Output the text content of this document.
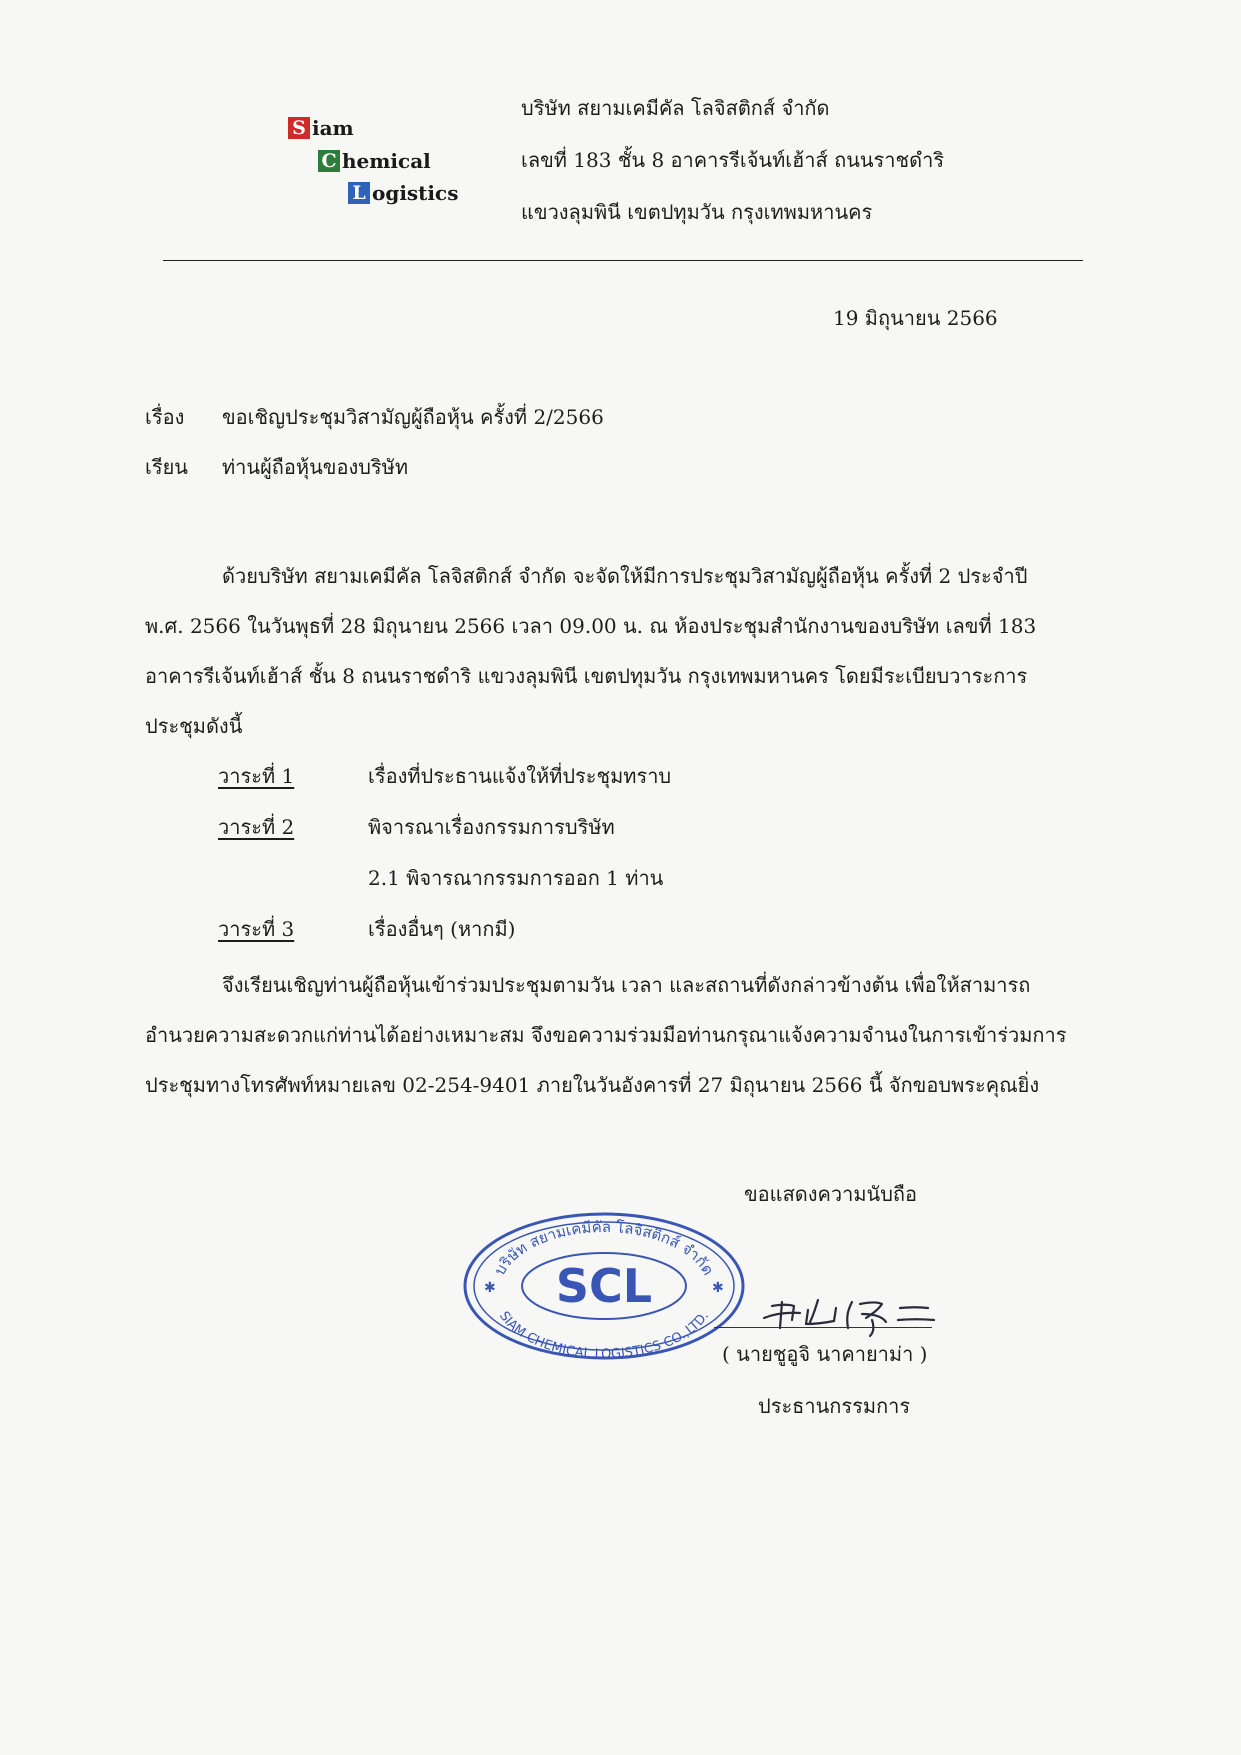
S iam
C hemical
L ogistics
บริษัท สยามเคมีคัล โลจิสติกส์ จำกัด
เลขที่ 183 ชั้น 8 อาคารรีเจ้นท์เฮ้าส์ ถนนราชดำริ
แขวงลุมพินี เขตปทุมวัน กรุงเทพมหานคร
19 มิถุนายน 2566
เรื่อง ขอเชิญประชุมวิสามัญผู้ถือหุ้น ครั้งที่ 2/2566
เรียน ท่านผู้ถือหุ้นของบริษัท
ด้วยบริษัท สยามเคมีคัล โลจิสติกส์ จำกัด จะจัดให้มีการประชุมวิสามัญผู้ถือหุ้น ครั้งที่ 2 ประจำปี
พ.ศ. 2566 ในวันพุธที่ 28 มิถุนายน 2566 เวลา 09.00 น. ณ ห้องประชุมสำนักงานของบริษัท เลขที่ 183
อาคารรีเจ้นท์เฮ้าส์ ชั้น 8 ถนนราชดำริ แขวงลุมพินี เขตปทุมวัน กรุงเทพมหานคร โดยมีระเบียบวาระการ
ประชุมดังนี้
วาระที่ 1	เรื่องที่ประธานแจ้งให้ที่ประชุมทราบ
วาระที่ 2	พิจารณาเรื่องกรรมการบริษัท
2.1 พิจารณากรรมการออก 1 ท่าน
วาระที่ 3	เรื่องอื่นๆ (หากมี)
จึงเรียนเชิญท่านผู้ถือหุ้นเข้าร่วมประชุมตามวัน เวลา และสถานที่ดังกล่าวข้างต้น เพื่อให้สามารถ
อำนวยความสะดวกแก่ท่านได้อย่างเหมาะสม จึงขอความร่วมมือท่านกรุณาแจ้งความจำนงในการเข้าร่วมการ
ประชุมทางโทรศัพท์หมายเลข 02-254-9401 ภายในวันอังคารที่ 27 มิถุนายน 2566 นี้ จักขอบพระคุณยิ่ง
ขอแสดงความนับถือ
บริษัท สยามเคมีคัล โลจิสติกส์ จำกัด
SIAM CHEMICAL LOGISTICS CO.,LTD.
SCL
✱	✱
( นายชูอูจิ นาคายาม่า )
ประธานกรรมการ
